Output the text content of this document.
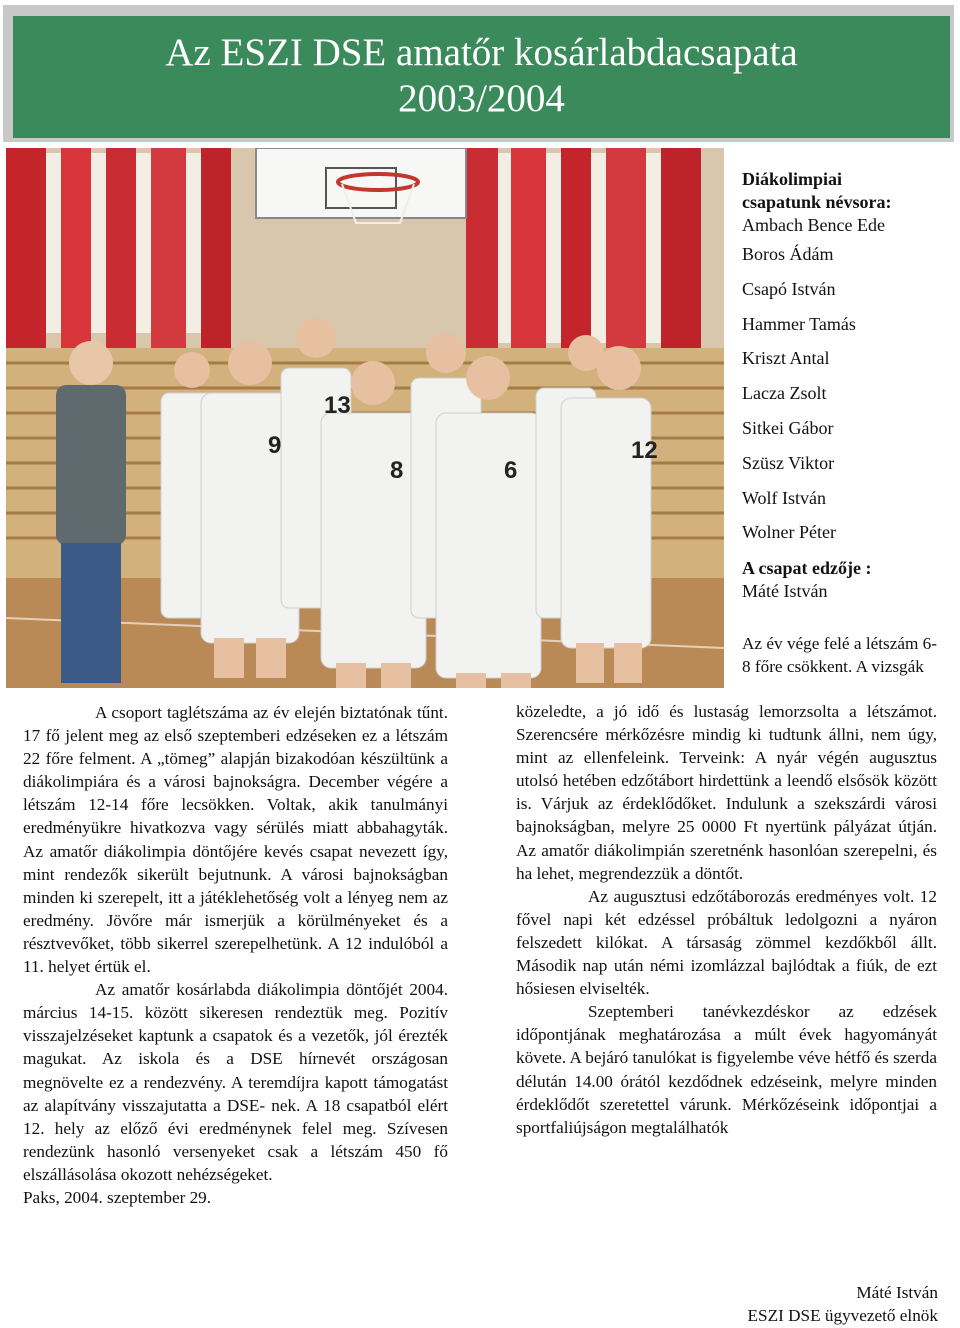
Az ESZI DSE amatőr kosárlabdacsapata
2003/2004
9
13
8	6
12
Diákolimpiai
csapatunk névsora:
Ambach Bence Ede
Boros Ádám
Csapó István
Hammer Tamás
Kriszt Antal
Lacza Zsolt
Sitkei Gábor
Szüsz Viktor
Wolf István
Wolner Péter
A csapat edzője :
Máté István

Az év vége felé a létszám 6-8 főre csökkent. A vizsgák

A csoport taglétszáma az év elején biztatónak tűnt. 17 fő jelent meg az első szeptemberi edzéseken ez a létszám 22 főre felment. A „tömeg” alapján bizakodóan készültünk a diákolimpiára és a városi bajnokságra. December végére a létszám 12-14 főre lecsökken. Voltak, akik tanulmányi eredményükre hivatkozva vagy sérülés miatt abbahagyták. Az amatőr diákolimpia döntőjére kevés csapat nevezett így, mint rendezők sikerült bejutnunk. A városi bajnokságban minden ki szerepelt, itt a játéklehetőség volt a lényeg nem az eredmény. Jövőre már ismerjük a körülményeket és a résztvevőket, több sikerrel szerepelhetünk. A 12 indulóból a 11. helyet értük el.

Az amatőr kosárlabda diákolimpia döntőjét 2004. március 14-15. között sikeresen rendeztük meg. Pozitív visszajelzéseket kaptunk a csapatok és a vezetők, jól érezték magukat. Az iskola és a DSE hírnevét országosan megnövelte ez a rendezvény. A teremdíjra kapott támogatást az alapítvány visszajutatta a DSE- nek. A 18 csapatból elért 12. hely az előző évi eredménynek felel meg. Szívesen rendezünk hasonló versenyeket csak a létszám 450 fő elszállásolása okozott nehézségeket.

Paks, 2004. szeptember 29.

közeledte, a jó idő és lustaság lemorzsolta a létszámot. Szerencsére mérkőzésre mindig ki tudtunk állni, nem úgy, mint az ellenfeleink. Terveink: A nyár végén augusztus utolsó hetében edzőtábort hirdettünk a leendő elsősök között is. Várjuk az érdeklődőket. Indulunk a szekszárdi városi bajnokságban, melyre 25 0000 Ft nyertünk pályázat útján. Az amatőr diákolimpián szeretnénk hasonlóan szerepelni, és ha lehet, megrendezzük a döntőt.

Az augusztusi edzőtáborozás eredményes volt. 12 fővel napi két edzéssel próbáltuk ledolgozni a nyáron felszedett kilókat. A társaság zömmel kezdőkből állt. Második nap után némi izomlázzal bajlódtak a fiúk, de ezt hősiesen elviselték.

Szeptemberi tanévkezdéskor az edzések időpontjának meghatározása a múlt évek hagyományát követe. A bejáró tanulókat is figyelembe véve hétfő és szerda délután 14.00 órától kezdődnek edzéseink, melyre minden érdeklődőt szeretettel várunk. Mérkőzéseink időpontjai a sportfaliújságon megtalálhatók

Máté István
ESZI DSE ügyvezető elnök
